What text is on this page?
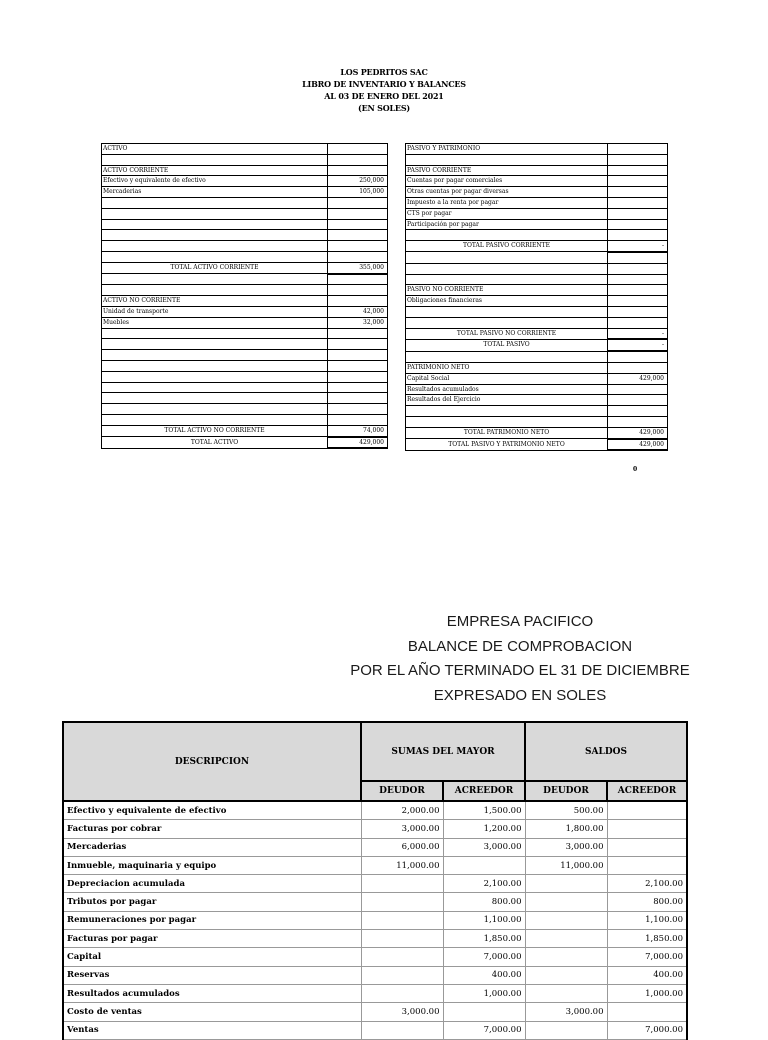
LOS PEDRITOS SAC
LIBRO DE INVENTARIO Y BALANCES
AL 03 DE ENERO DEL 2021
(EN SOLES)
ACTIVO	

ACTIVO CORRIENTE	
Efectivo y equivalente de efectivo	250,000
Mercaderias	105,000

TOTAL ACTIVO CORRIENTE	355,000

ACTIVO NO CORRIENTE	
Unidad de transporte	42,000
Muebles	32,000

TOTAL ACTIVO NO CORRIENTE	74,000
TOTAL ACTIVO	429,000
PASIVO Y PATRIMONIO	

PASIVO CORRIENTE	
Cuentas por pagar comerciales	
Otras cuentas por pagar diversas	
Impuesto a la renta por pagar	
CTS por pagar	
Participación por pagar	

TOTAL PASIVO CORRIENTE	-

PASIVO NO CORRIENTE	
Obligaciones financieras	

TOTAL PASIVO NO CORRIENTE	-
TOTAL PASIVO	-

PATRIMONIO NETO	
Capital Social	429,000
Resultados acumulados	
Resultados del Ejercicio	

TOTAL PATRIMONIO NETO	429,000
TOTAL PASIVO Y PATRIMONIO NETO	429,000
0
EMPRESA PACIFICO
BALANCE DE COMPROBACION
POR EL AÑO TERMINADO EL 31 DE DICIEMBRE
EXPRESADO EN SOLES
DESCRIPCION	SUMAS DEL MAYOR		SALDOS	
	DEUDOR	ACREEDOR	DEUDOR	ACREEDOR
Efectivo y equivalente de efectivo	2,000.00	1,500.00	500.00	
Facturas por cobrar	3,000.00	1,200.00	1,800.00	
Mercaderias	6,000.00	3,000.00	3,000.00	
Inmueble, maquinaria y equipo	11,000.00		11,000.00	
Depreciacion acumulada		2,100.00		2,100.00
Tributos por pagar		800.00		800.00
Remuneraciones por pagar		1,100.00		1,100.00
Facturas por pagar		1,850.00		1,850.00
Capital		7,000.00		7,000.00
Reservas		400.00		400.00
Resultados acumulados		1,000.00		1,000.00
Costo de ventas	3,000.00		3,000.00	
Ventas		7,000.00		7,000.00
